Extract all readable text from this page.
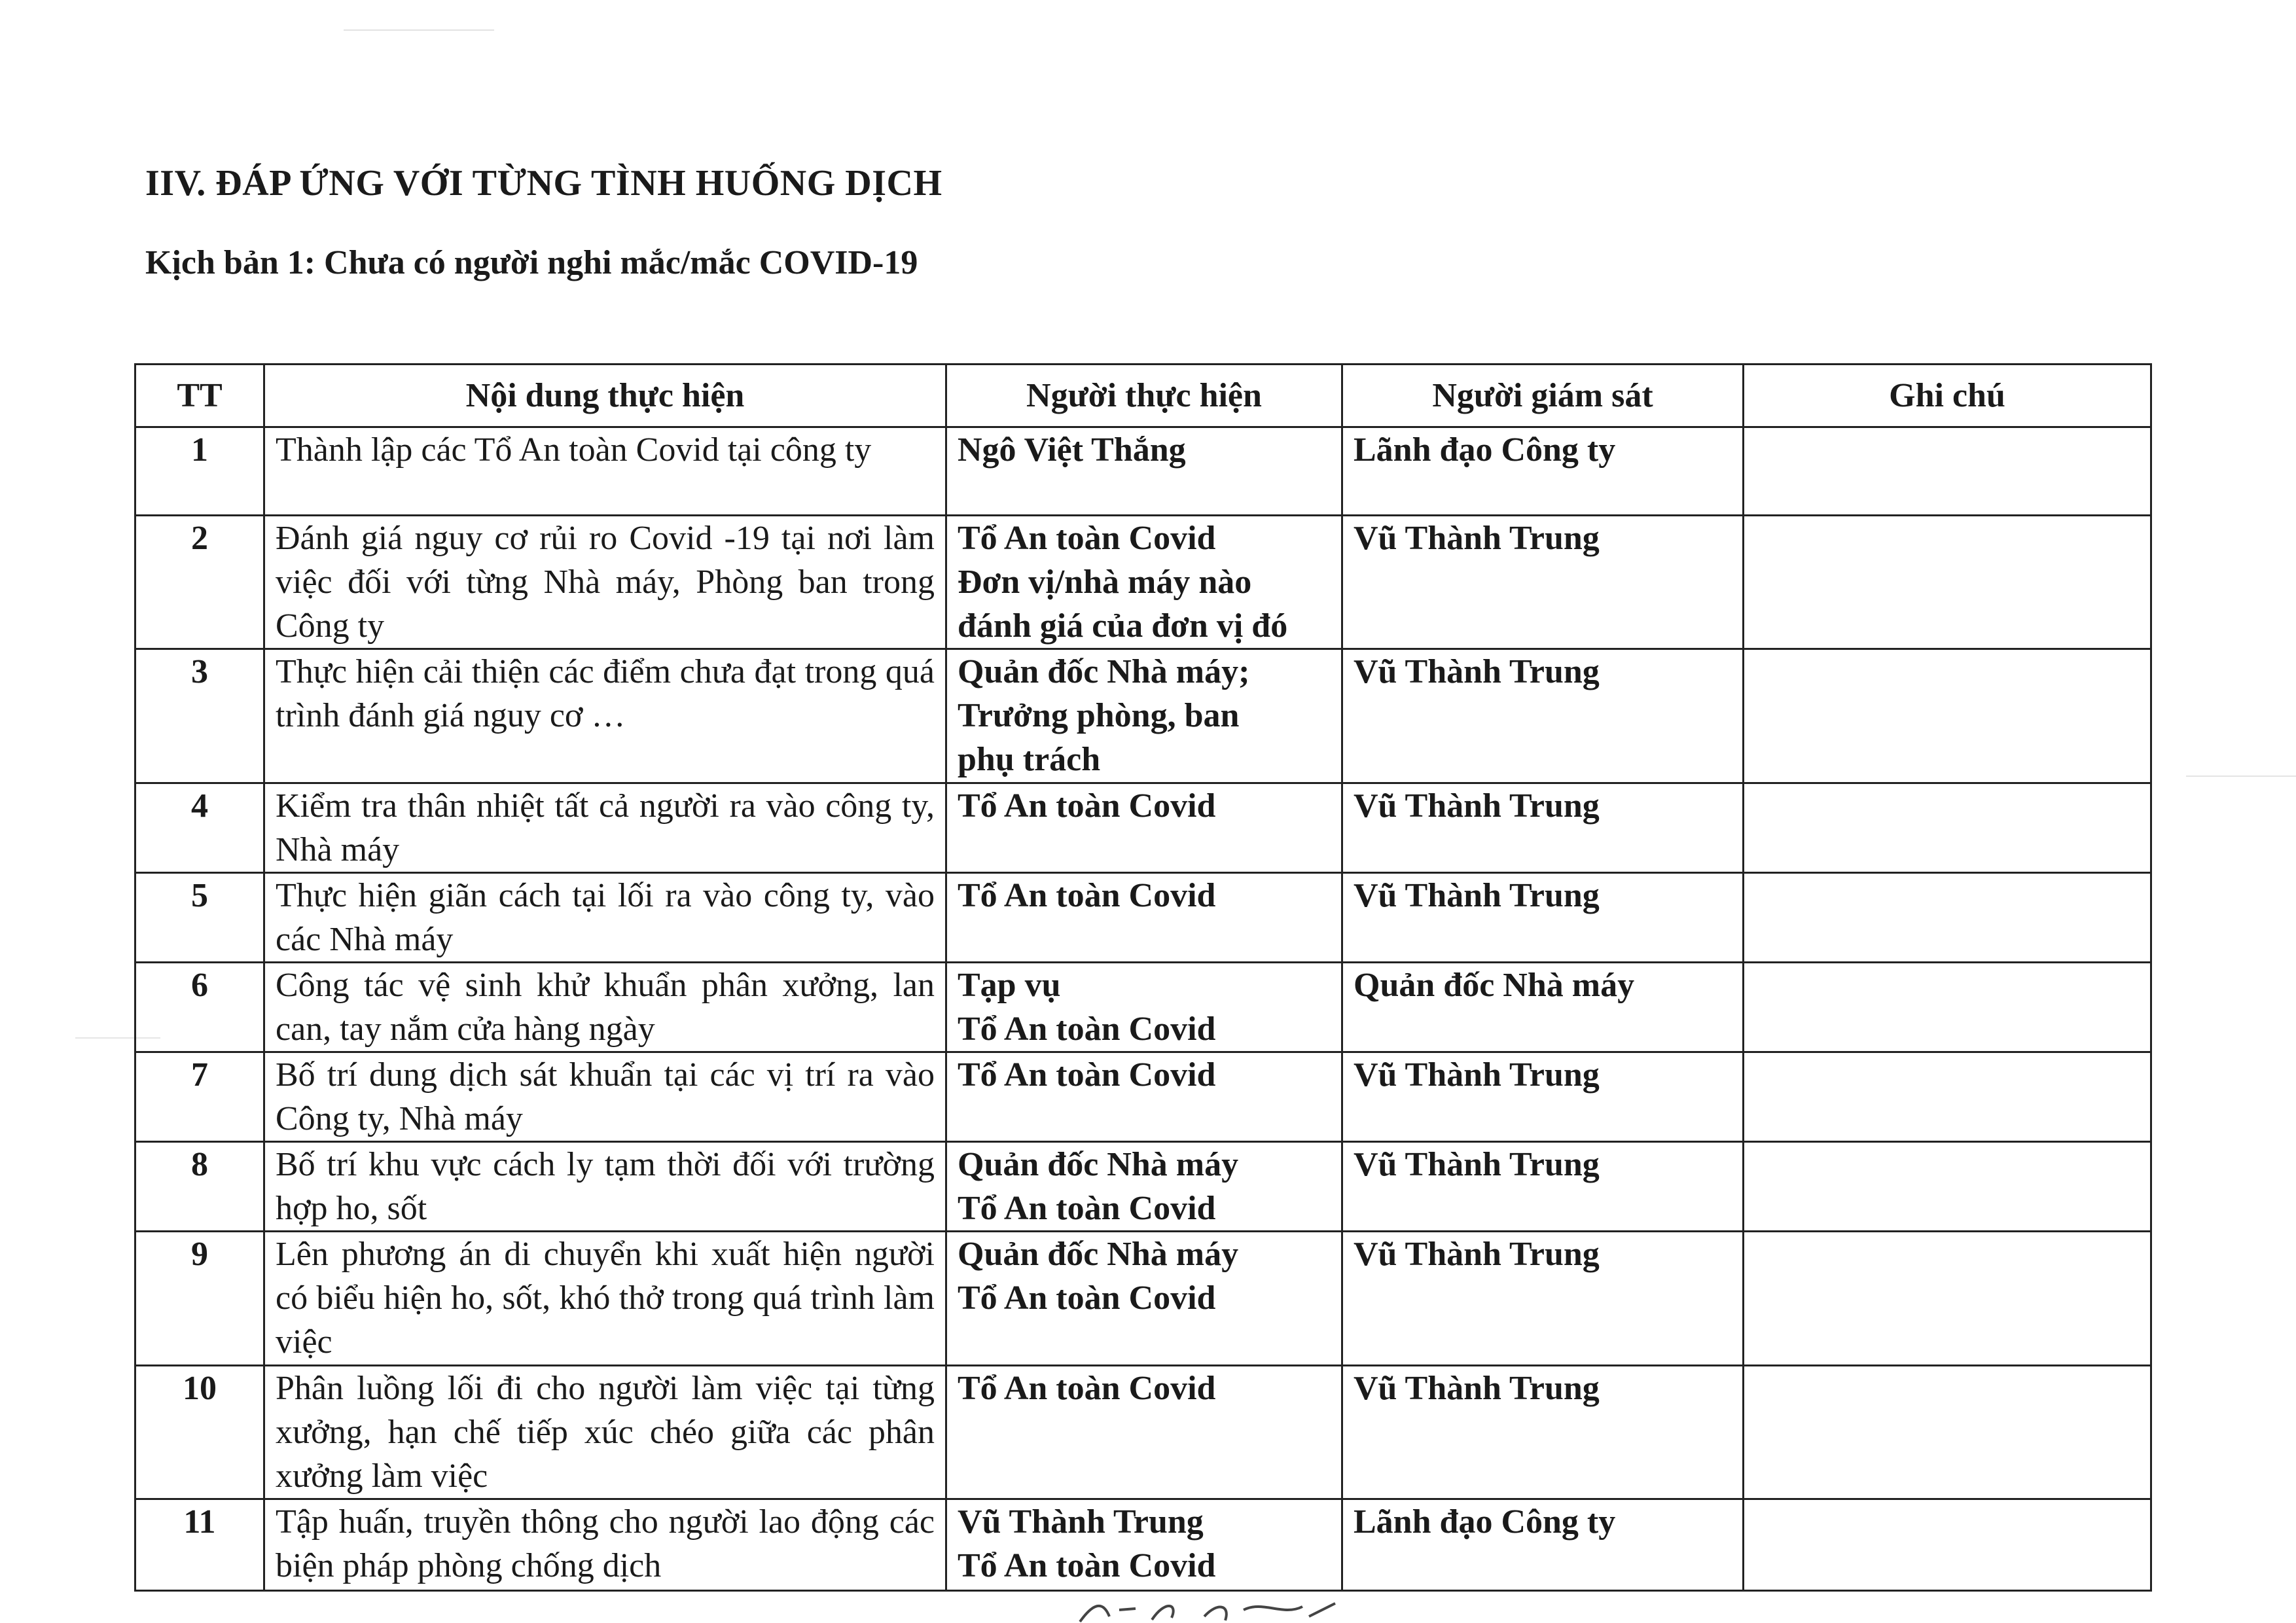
IIV. ĐÁP ỨNG VỚI TỪNG TÌNH HUỐNG DỊCH
Kịch bản 1: Chưa có người nghi mắc/mắc COVID-19
TT	Nội dung thực hiện	Người thực hiện	Người giám sát	Ghi chú
1	Thành lập các Tổ An toàn Covid tại công ty	Ngô Việt Thắng	Lãnh đạo Công ty	
2	Đánh giá nguy cơ rủi ro Covid -19 tại nơi làm việc đối với từng Nhà máy, Phòng ban trong Công ty	Tổ An toàn Covid
Đơn vị/nhà máy nào
đánh giá của đơn vị đó	Vũ Thành Trung	
3	Thực hiện cải thiện các điểm chưa đạt trong quá trình đánh giá nguy cơ …	Quản đốc Nhà máy;
Trưởng phòng, ban
phụ trách	Vũ Thành Trung	
4	Kiểm tra thân nhiệt tất cả người ra vào công ty, Nhà máy	Tổ An toàn Covid	Vũ Thành Trung	
5	Thực hiện giãn cách tại lối ra vào công ty, vào các Nhà máy	Tổ An toàn Covid	Vũ Thành Trung	
6	Công tác vệ sinh khử khuẩn phân xưởng, lan can, tay nắm cửa hàng ngày	Tạp vụ
Tổ An toàn Covid	Quản đốc Nhà máy	
7	Bố trí dung dịch sát khuẩn tại các vị trí ra vào Công ty, Nhà máy	Tổ An toàn Covid	Vũ Thành Trung	
8	Bố trí khu vực cách ly tạm thời đối với trường hợp ho, sốt	Quản đốc Nhà máy
Tổ An toàn Covid	Vũ Thành Trung	
9	Lên phương án di chuyển khi xuất hiện người có biểu hiện ho, sốt, khó thở trong quá trình làm việc	Quản đốc Nhà máy
Tổ An toàn Covid	Vũ Thành Trung	
10	Phân luồng lối đi cho người làm việc tại từng xưởng, hạn chế tiếp xúc chéo giữa các phân xưởng làm việc	Tổ An toàn Covid	Vũ Thành Trung	
11	Tập huấn, truyền thông cho người lao động các biện pháp phòng chống dịch	Vũ Thành Trung
Tổ An toàn Covid	Lãnh đạo Công ty	
